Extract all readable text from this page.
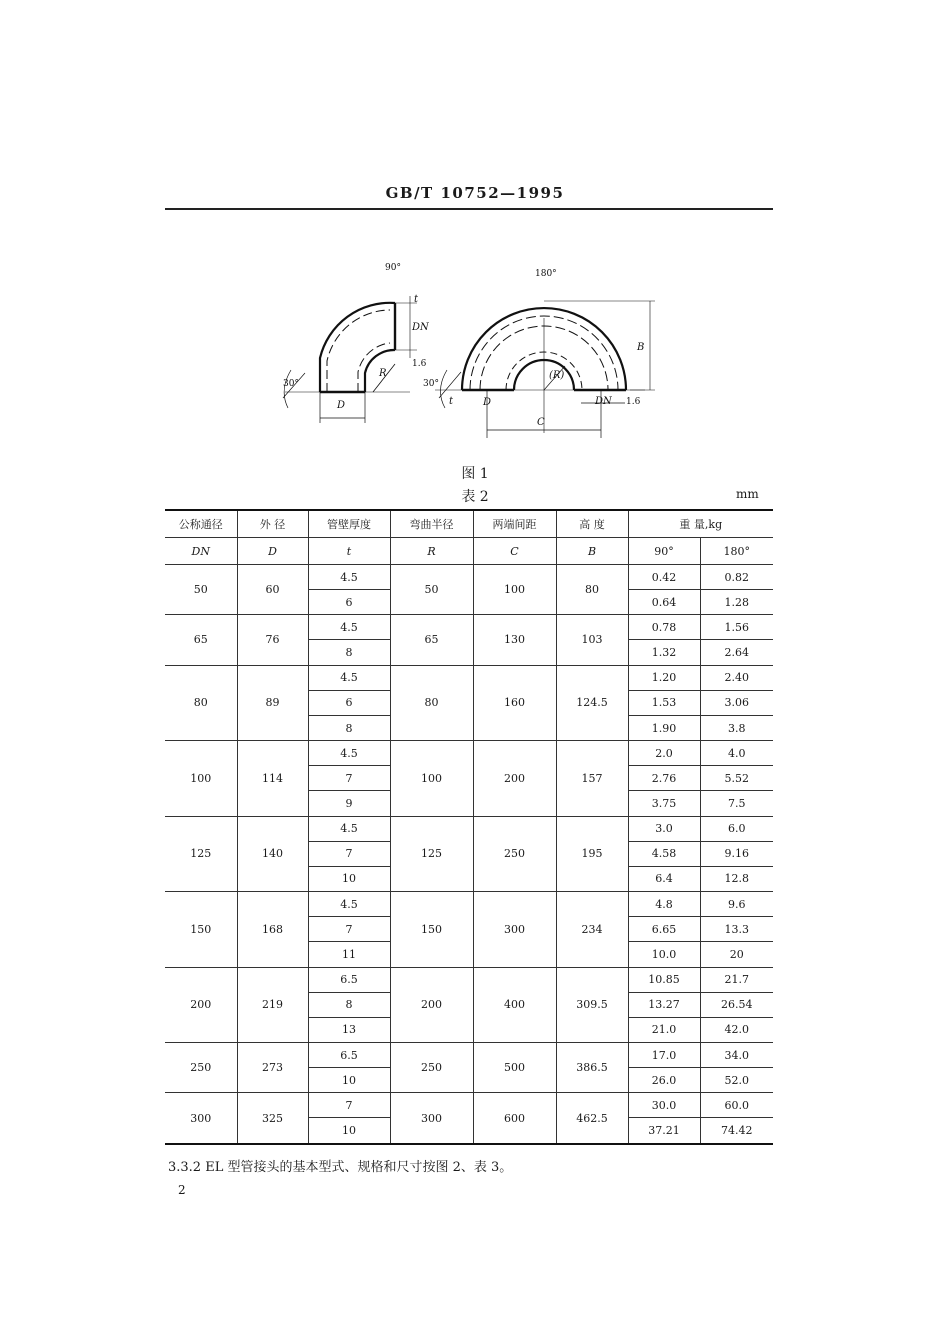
GB/T 10752—1995
90°
30°
t
DN
1.6
R
D
180°
30°
t	D
C
(R)
DN 1.6
B
图 1
表 2	mm
公称通径	外 径	管壁厚度	弯曲半径	两端间距	高 度	重 量,kg	
DN	D	t	R	C	B	90°	180°
50	60	4.5	50	100	80	0.42	0.82
		6				0.64	1.28
65	76	4.5	65	130	103	0.78	1.56
		8				1.32	2.64
80	89	4.5	80	160	124.5	1.20	2.40
		6				1.53	3.06
		8				1.90	3.8
100	114	4.5	100	200	157	2.0	4.0
		7				2.76	5.52
		9				3.75	7.5
125	140	4.5	125	250	195	3.0	6.0
		7				4.58	9.16
		10				6.4	12.8
150	168	4.5	150	300	234	4.8	9.6
		7				6.65	13.3
		11				10.0	20
200	219	6.5	200	400	309.5	10.85	21.7
		8				13.27	26.54
		13				21.0	42.0
250	273	6.5	250	500	386.5	17.0	34.0
		10				26.0	52.0
300	325	7	300	600	462.5	30.0	60.0
		10				37.21	74.42
3.3.2 EL 型管接头的基本型式、规格和尺寸按图 2、表 3。
2
